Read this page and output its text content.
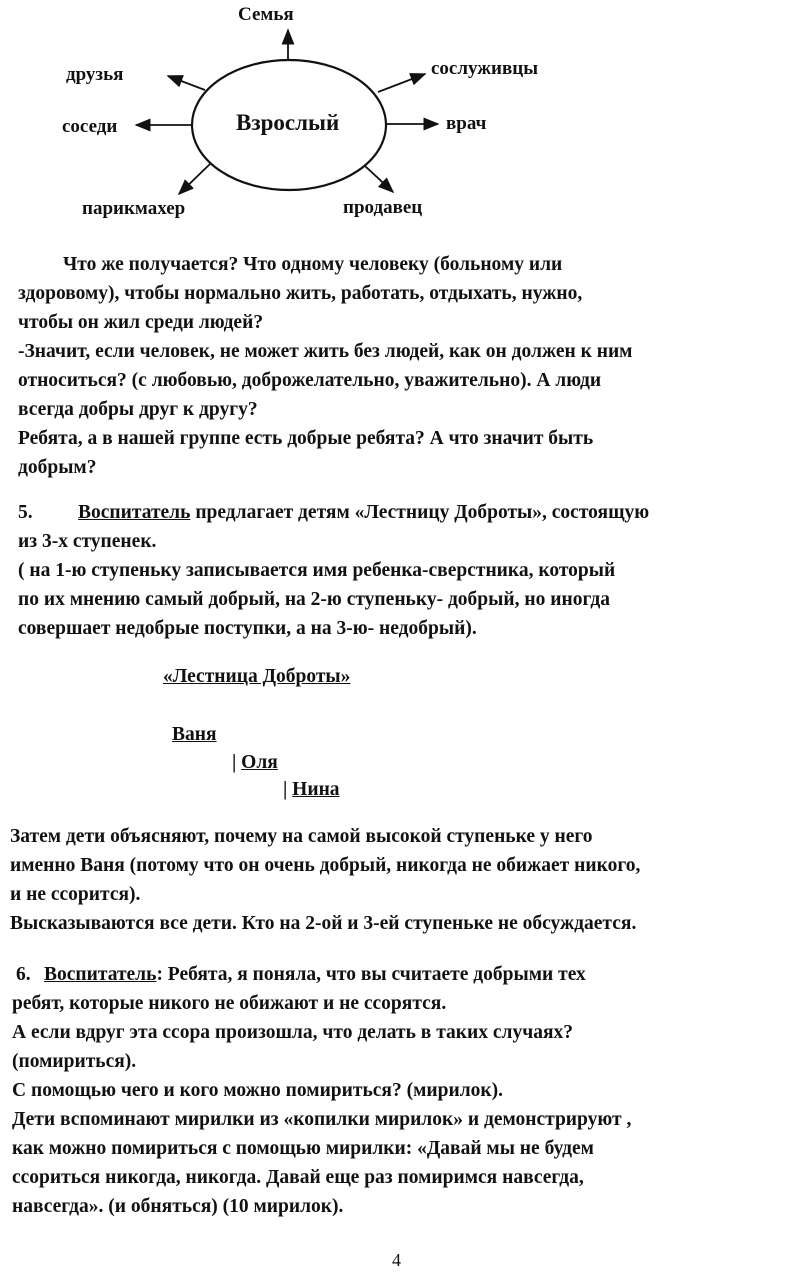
Семья
друзья	сослуживцы
соседи	врач
парикмахер	продавец
Взрослый
Что же получается? Что одному человеку (больному или
здоровому), чтобы нормально жить, работать, отдыхать, нужно,
чтобы он жил среди людей?
-Значит, если человек, не может жить без людей, как он должен к ним
относиться? (с любовью, доброжелательно, уважительно). А люди
всегда добры друг к другу?
Ребята, а в нашей группе есть добрые ребята? А что значит быть
добрым?
5. Воспитатель предлагает детям «Лестницу Доброты», состоящую
из 3-х ступенек.
( на 1-ю ступеньку записывается имя ребенка-сверстника, который
по их мнению самый добрый, на 2-ю ступеньку- добрый, но иногда
совершает недобрые поступки, а на 3-ю- недобрый).
«Лестница Доброты»
Ваня
| Оля
| Нина
Затем дети объясняют, почему на самой высокой ступеньке у него
именно Ваня (потому что он очень добрый, никогда не обижает никого,
и не ссорится).
Высказываются все дети. Кто на 2-ой и 3-ей ступеньке не обсуждается.
6. Воспитатель: Ребята, я поняла, что вы считаете добрыми тех
ребят, которые никого не обижают и не ссорятся.
А если вдруг эта ссора произошла, что делать в таких случаях?
(помириться).
С помощью чего и кого можно помириться? (мирилок).
Дети вспоминают мирилки из «копилки мирилок» и демонстрируют ,
как можно помириться с помощью мирилки: «Давай мы не будем
ссориться никогда, никогда. Давай еще раз помиримся навсегда,
навсегда». (и обняться) (10 мирилок).
4
